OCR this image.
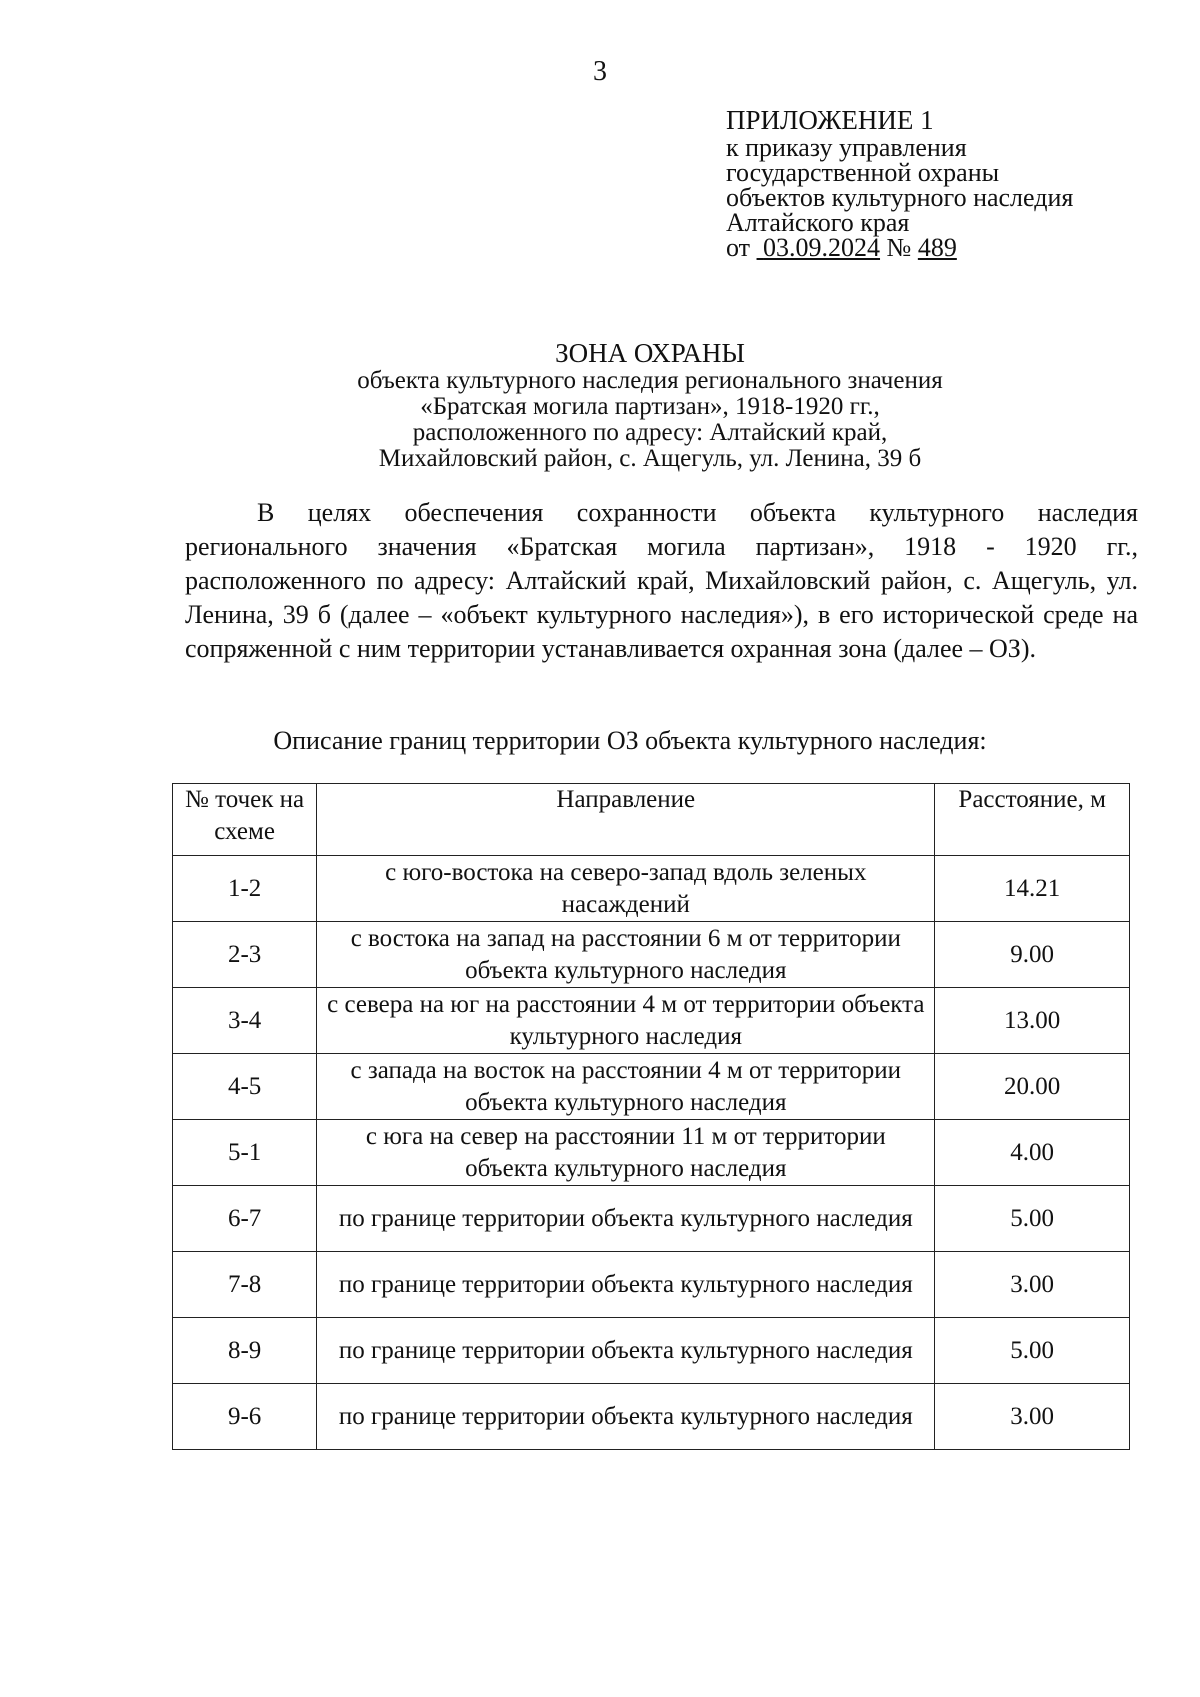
3
ПРИЛОЖЕНИЕ 1
к приказу управления
государственной охраны
объектов культурного наследия
Алтайского края
от 03.09.2024 № 489
ЗОНА ОХРАНЫ
объекта культурного наследия регионального значения
«Братская могила партизан», 1918-1920 гг.,
расположенного по адресу: Алтайский край,
Михайловский район, с. Ащегуль, ул. Ленина, 39 б
В целях обеспечения сохранности объекта культурного наследия регионального значения «Братская могила партизан», 1918 - 1920 гг., расположенного по адресу: Алтайский край, Михайловский район, с. Ащегуль, ул. Ленина, 39 б (далее – «объект культурного наследия»), в его исторической среде на сопряженной с ним территории устанавливается охранная зона (далее – ОЗ).
Описание границ территории ОЗ объекта культурного наследия:
№ точек на схеме	Направление	Расстояние, м
1-2	с юго-востока на северо-запад вдоль зеленых насаждений	14.21
2-3	с востока на запад на расстоянии 6 м от территории объекта культурного наследия	9.00
3-4	с севера на юг на расстоянии 4 м от территории объекта культурного наследия	13.00
4-5	с запада на восток на расстоянии 4 м от территории объекта культурного наследия	20.00
5-1	с юга на север на расстоянии 11 м от территории объекта культурного наследия	4.00
6-7	по границе территории объекта культурного наследия	5.00
7-8	по границе территории объекта культурного наследия	3.00
8-9	по границе территории объекта культурного наследия	5.00
9-6	по границе территории объекта культурного наследия	3.00
